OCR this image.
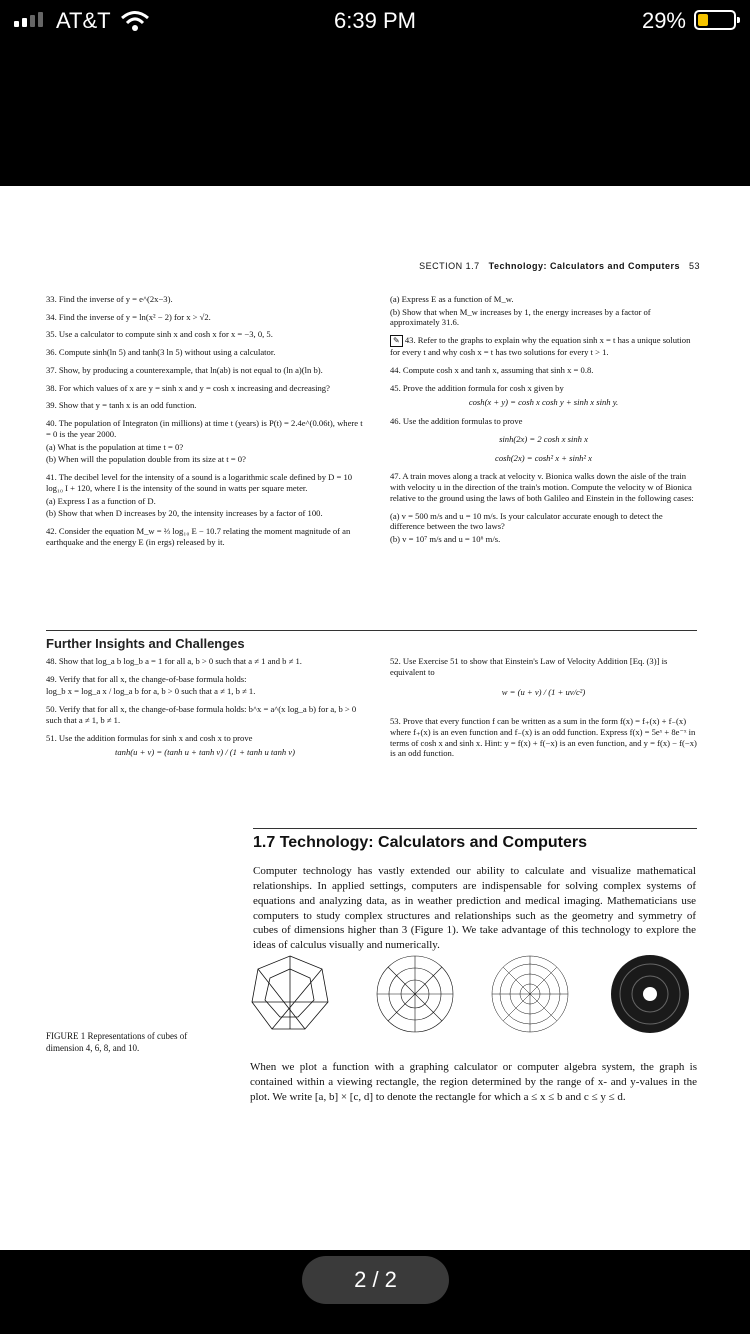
AT&T	6:39 PM	29%
SECTION 1.7 Technology: Calculators and Computers 53

33. Find the inverse of y = e^(2x−3).

34. Find the inverse of y = ln(x² − 2) for x > √2.

35. Use a calculator to compute sinh x and cosh x for x = −3, 0, 5.

36. Compute sinh(ln 5) and tanh(3 ln 5) without using a calculator.

37. Show, by producing a counterexample, that ln(ab) is not equal to (ln a)(ln b).

38. For which values of x are y = sinh x and y = cosh x increasing and decreasing?

39. Show that y = tanh x is an odd function.

40. The population of Integraton (in millions) at time t (years) is P(t) = 2.4e^(0.06t), where t = 0 is the year 2000.

(a) What is the population at time t = 0?

(b) When will the population double from its size at t = 0?

41. The decibel level for the intensity of a sound is a logarithmic scale defined by D = 10 log₁₀ I + 120, where I is the intensity of the sound in watts per square meter.

(a) Express I as a function of D.

(b) Show that when D increases by 20, the intensity increases by a factor of 100.

42. Consider the equation M_w = ⅔ log₁₀ E − 10.7 relating the moment magnitude of an earthquake and the energy E (in ergs) released by it.

(a) Express E as a function of M_w.

(b) Show that when M_w increases by 1, the energy increases by a factor of approximately 31.6.

✎ 43. Refer to the graphs to explain why the equation sinh x = t has a unique solution for every t and why cosh x = t has two solutions for every t > 1.

44. Compute cosh x and tanh x, assuming that sinh x = 0.8.

45. Prove the addition formula for cosh x given by

cosh(x + y) = cosh x cosh y + sinh x sinh y.

46. Use the addition formulas to prove

sinh(2x) = 2 cosh x sinh x
cosh(2x) = cosh² x + sinh² x

47. A train moves along a track at velocity v. Bionica walks down the aisle of the train with velocity u in the direction of the train's motion. Compute the velocity w of Bionica relative to the ground using the laws of both Galileo and Einstein in the following cases:

(a) v = 500 m/s and u = 10 m/s. Is your calculator accurate enough to detect the difference between the two laws?

(b) v = 10⁷ m/s and u = 10⁶ m/s.

Further Insights and Challenges

48. Show that log_a b log_b a = 1 for all a, b > 0 such that a ≠ 1 and b ≠ 1.

49. Verify that for all x, the change-of-base formula holds:

log_b x = log_a x / log_a b for a, b > 0 such that a ≠ 1, b ≠ 1.

50. Verify that for all x, the change-of-base formula holds: b^x = a^(x log_a b) for a, b > 0 such that a ≠ 1, b ≠ 1.

51. Use the addition formulas for sinh x and cosh x to prove

tanh(u + v) = (tanh u + tanh v) / (1 + tanh u tanh v)

52. Use Exercise 51 to show that Einstein's Law of Velocity Addition [Eq. (3)] is equivalent to

w = (u + v) / (1 + uv/c²)

53. Prove that every function f can be written as a sum in the form f(x) = f₊(x) + f₋(x) where f₊(x) is an even function and f₋(x) is an odd function. Express f(x) = 5eˣ + 8e⁻ˣ in terms of cosh x and sinh x. Hint: y = f(x) + f(−x) is an even function, and y = f(x) − f(−x) is an odd function.

1.7 Technology: Calculators and Computers
Computer technology has vastly extended our ability to calculate and visualize mathematical relationships. In applied settings, computers are indispensable for solving complex systems of equations and analyzing data, as in weather prediction and medical imaging. Mathematicians use computers to study complex structures and relationships such as the geometry and symmetry of cubes of dimensions higher than 3 (Figure 1). We take advantage of this technology to explore the ideas of calculus visually and numerically.
FIGURE 1 Representations of cubes of dimension 4, 6, 8, and 10.
When we plot a function with a graphing calculator or computer algebra system, the graph is contained within a viewing rectangle, the region determined by the range of x- and y-values in the plot. We write [a, b] × [c, d] to denote the rectangle for which a ≤ x ≤ b and c ≤ y ≤ d.
2 / 2
